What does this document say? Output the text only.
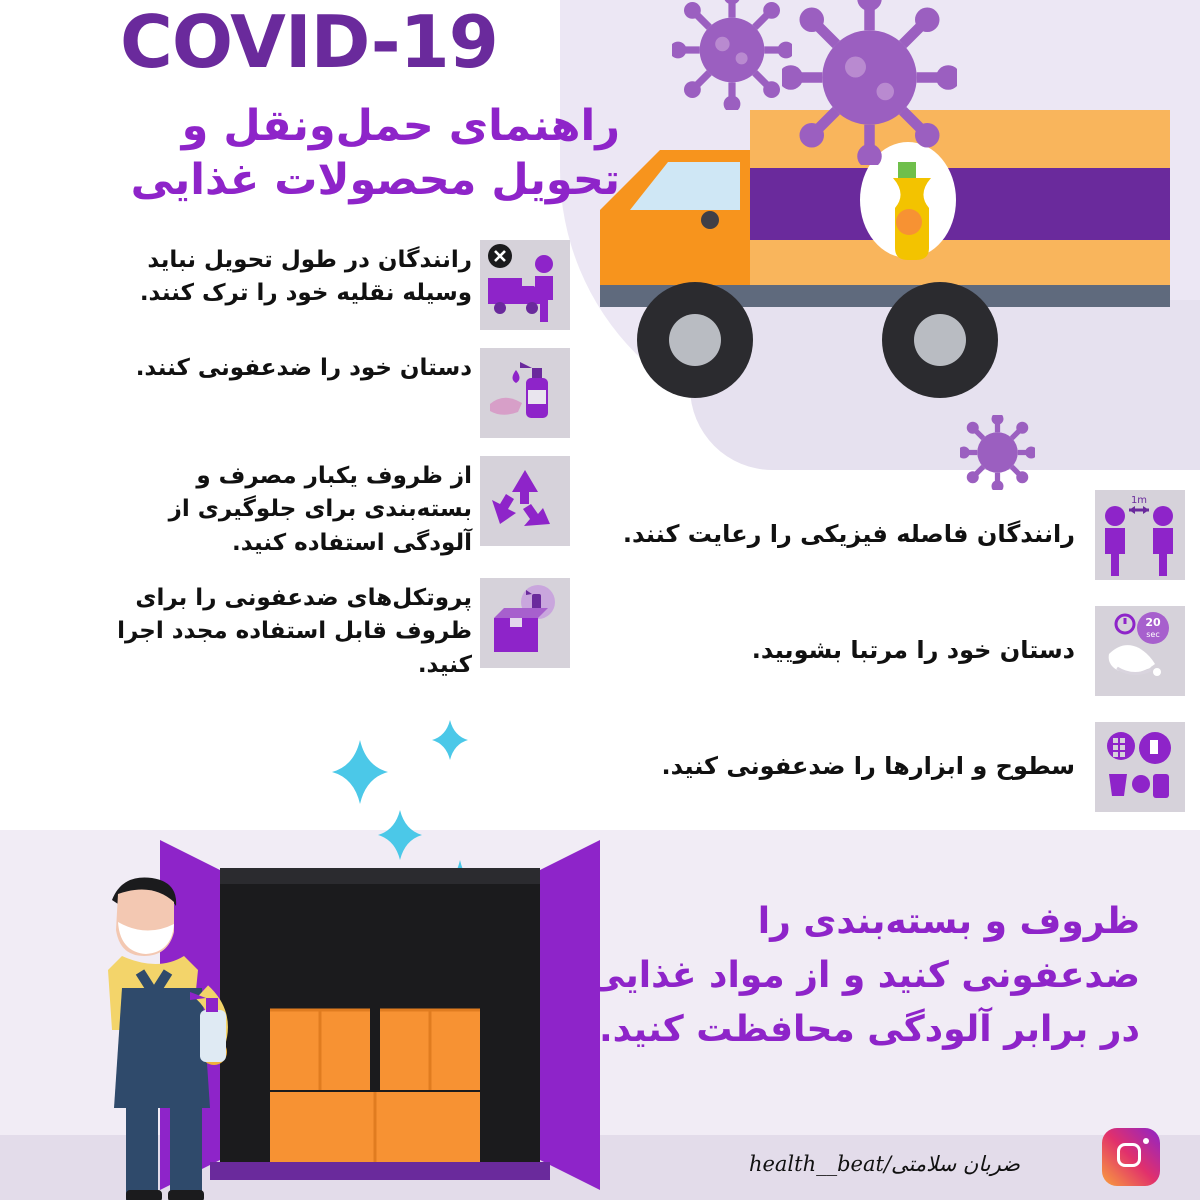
COVID-19
راهنمای حمل‌ونقل و تحویل محصولات غذایی
رانندگان در طول تحویل نباید وسیله نقلیه خود را ترک کنند.
دستان خود را ضدعفونی کنند.
از ظروف یکبار مصرف و بسته‌بندی برای جلوگیری از آلودگی استفاده کنید.
پروتکل‌های ضدعفونی را برای ظروف قابل استفاده مجدد اجرا کنید.
1m
رانندگان فاصله فیزیکی را رعایت کنند.
20
sec
دستان خود را مرتبا بشویید.
سطوح و ابزارها را ضدعفونی کنید.
ظروف و بسته‌بندی را ضدعفونی کنید و از مواد غذایی در برابر آلودگی محافظت کنید.
ضربان سلامتی/health__beat
